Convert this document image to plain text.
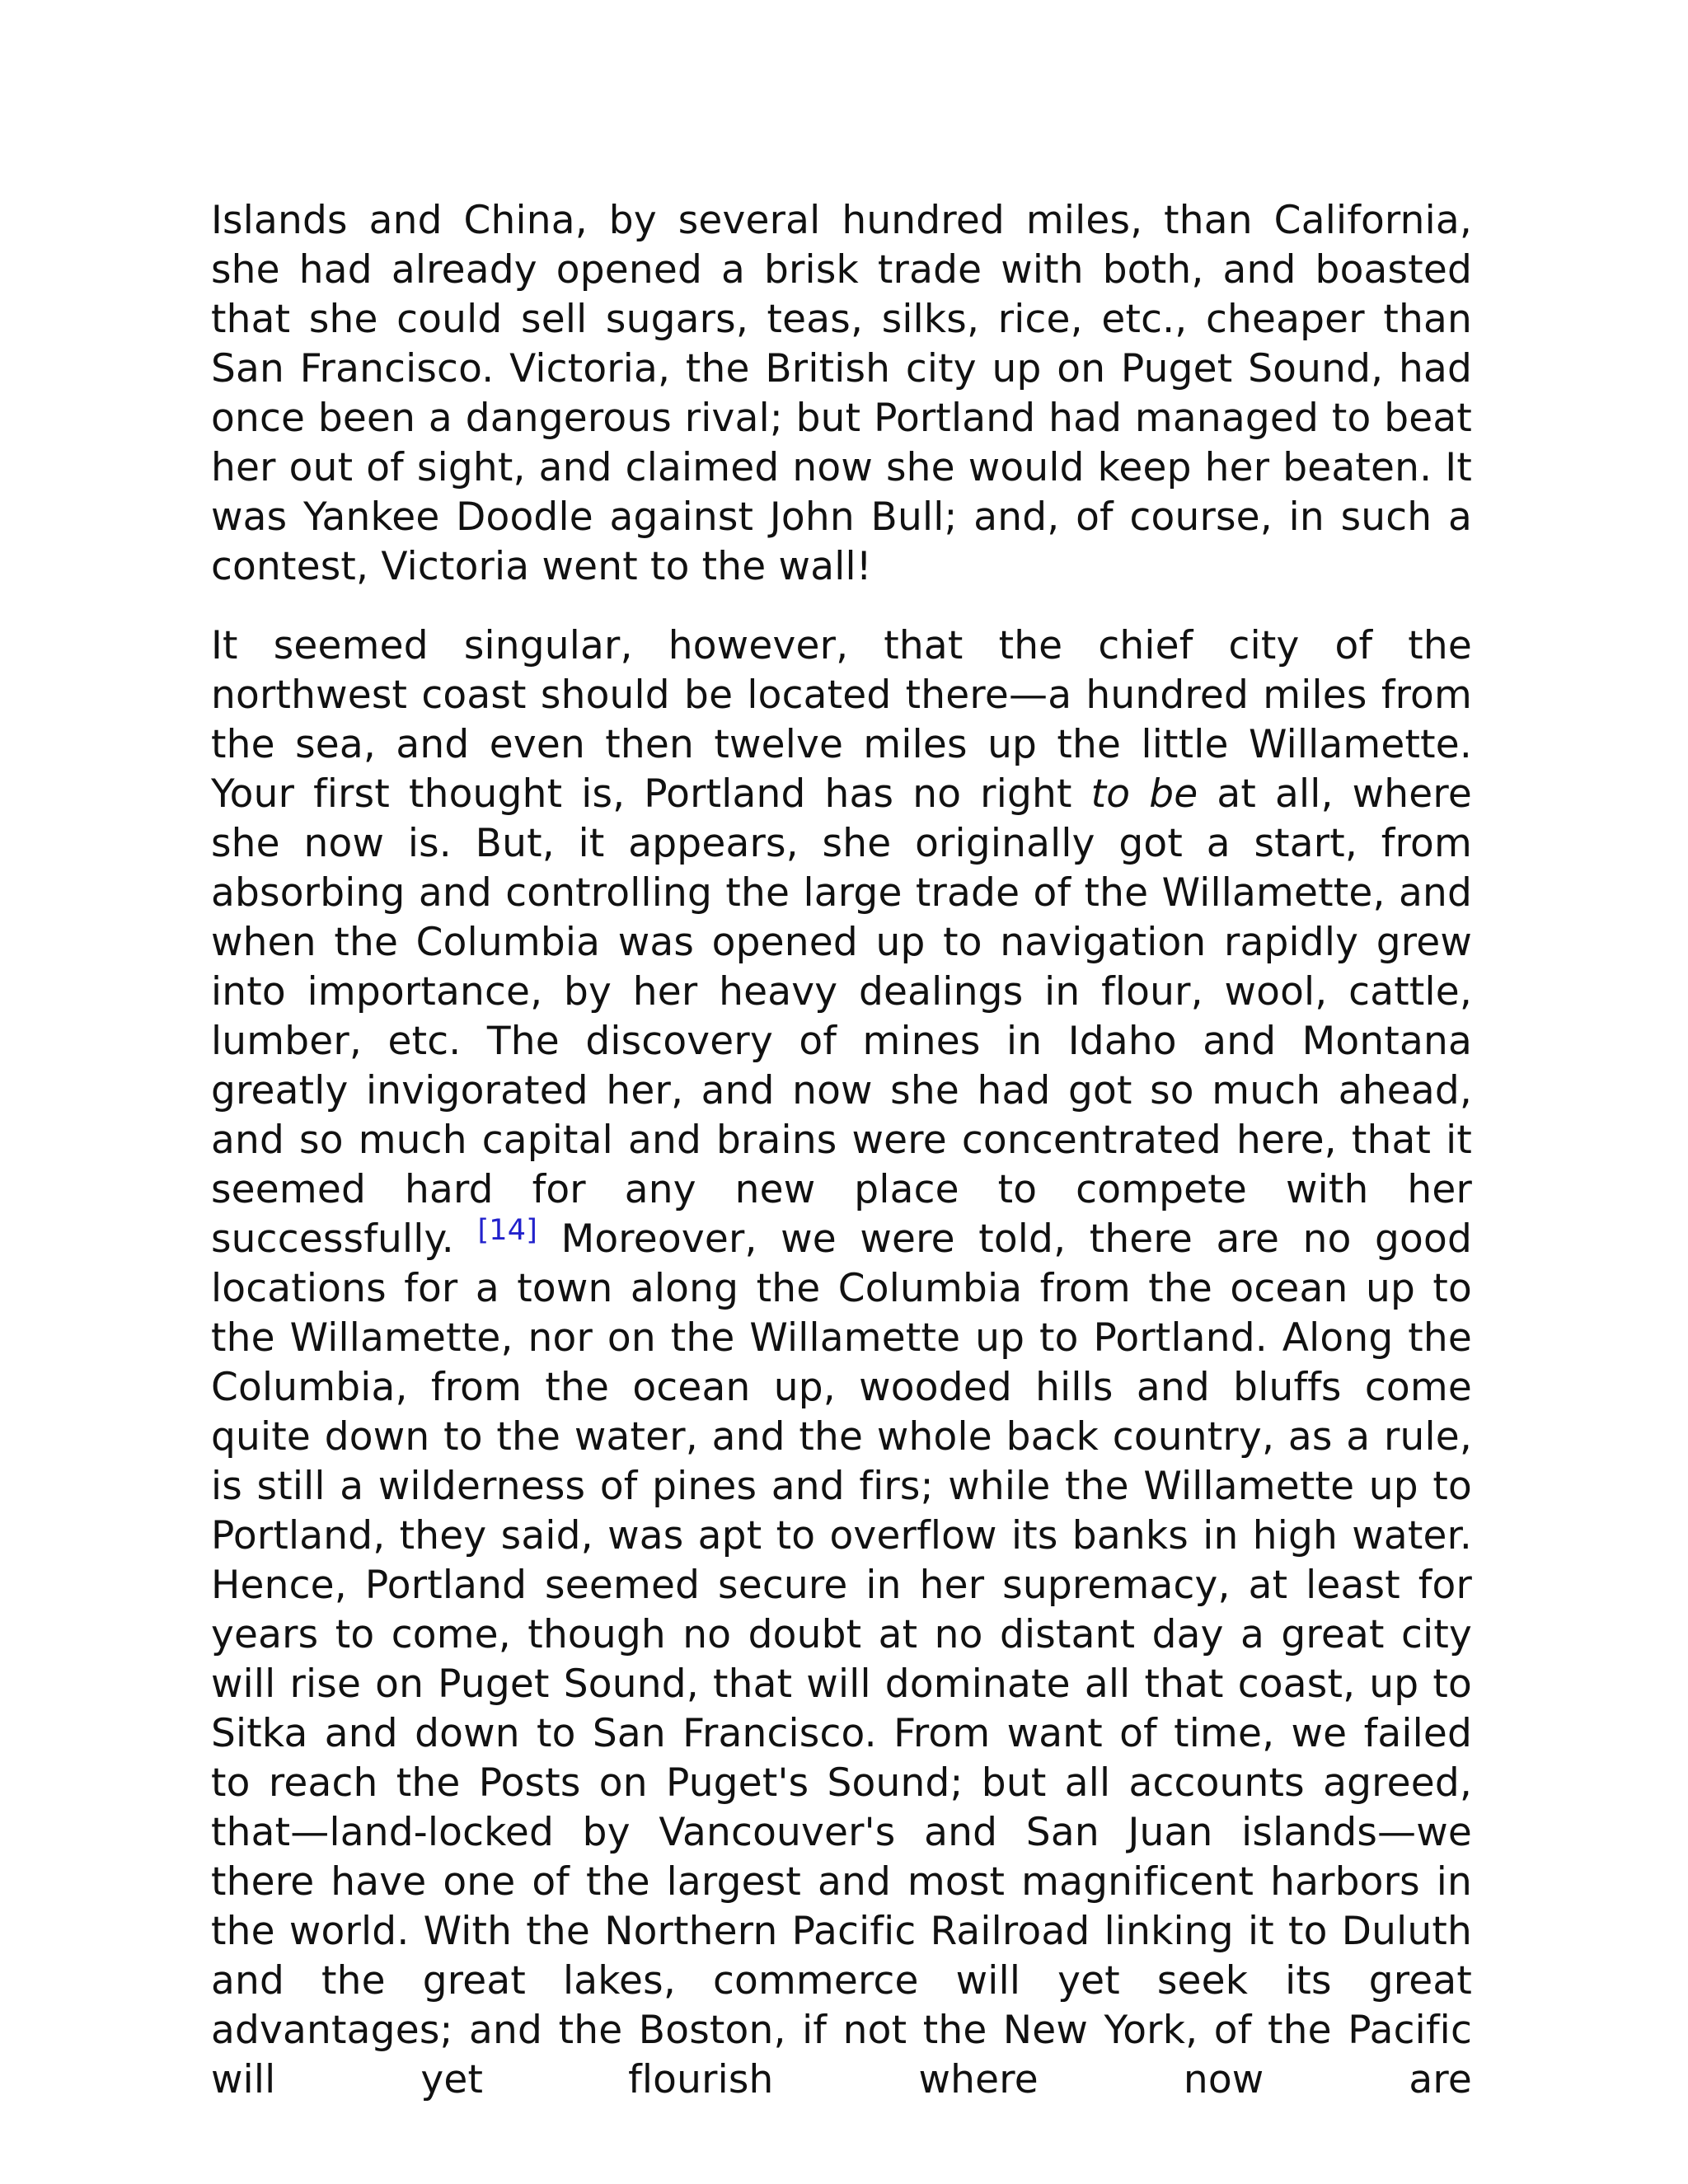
Islands and China, by several hundred miles, than California, she had already opened a brisk trade with both, and boasted that she could sell sugars, teas, silks, rice, etc., cheaper than San Francisco. Victoria, the British city up on Puget Sound, had once been a dangerous rival; but Portland had managed to beat her out of sight, and claimed now she would keep her beaten. It was Yankee Doodle against John Bull; and, of course, in such a contest, Victoria went to the wall!

It seemed singular, however, that the chief city of the northwest coast should be located there—a hundred miles from the sea, and even then twelve miles up the little Willamette. Your first thought is, Portland has no right to be at all, where she now is. But, it appears, she originally got a start, from absorbing and controlling the large trade of the Willamette, and when the Columbia was opened up to navigation rapidly grew into importance, by her heavy dealings in flour, wool, cattle, lumber, etc. The discovery of mines in Idaho and Montana greatly invigorated her, and now she had got so much ahead, and so much capital and brains were concentrated here, that it seemed hard for any new place to compete with her successfully. [14] Moreover, we were told, there are no good locations for a town along the Columbia from the ocean up to the Willamette, nor on the Willamette up to Portland. Along the Columbia, from the ocean up, wooded hills and bluffs come quite down to the water, and the whole back country, as a rule, is still a wilderness of pines and firs; while the Willamette up to Portland, they said, was apt to overflow its banks in high water. Hence, Portland seemed secure in her supremacy, at least for years to come, though no doubt at no distant day a great city will rise on Puget Sound, that will dominate all that coast, up to Sitka and down to San Francisco. From want of time, we failed to reach the Posts on Puget's Sound; but all accounts agreed, that—land-locked by Vancouver's and San Juan islands—we there have one of the largest and most magnificent harbors in the world. With the Northern Pacific Railroad linking it to Duluth and the great lakes, commerce will yet seek its great advantages; and the Boston, if not the New York, of the Pacific will yet flourish where now are
